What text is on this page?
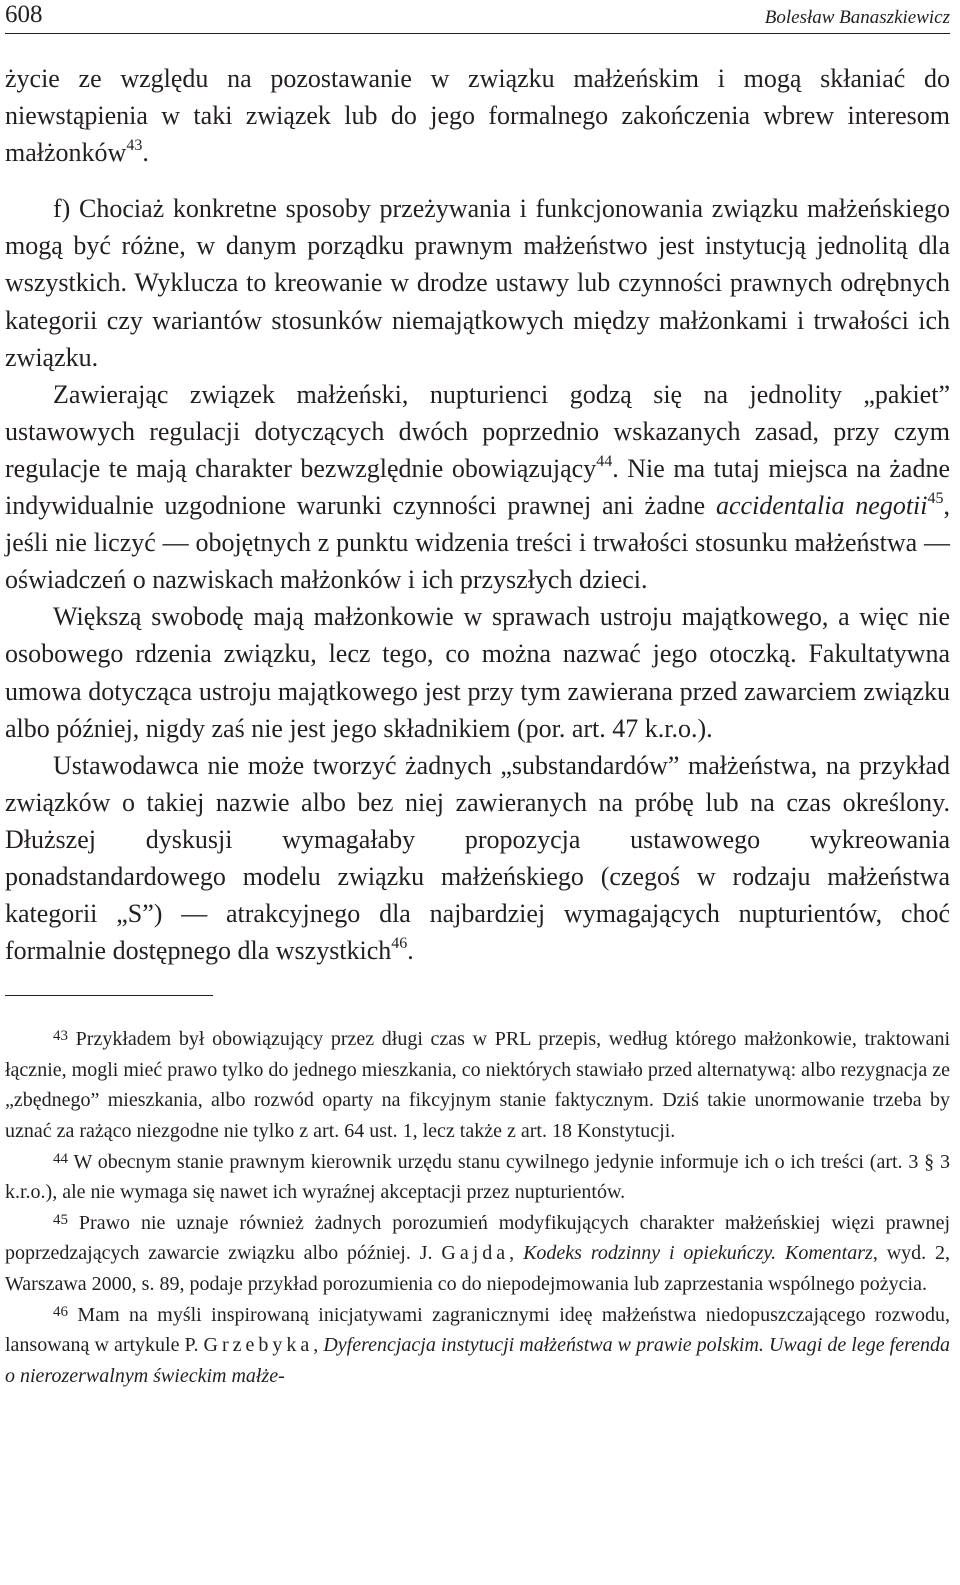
608	Bolesław Banaszkiewicz

życie ze względu na pozostawanie w związku małżeńskim i mogą skłaniać do niewstąpienia w taki związek lub do jego formalnego zakończenia wbrew interesom małżonków$^{43}$.

f) Chociaż konkretne sposoby przeżywania i funkcjonowania związku małżeńskiego mogą być różne, w danym porządku prawnym małżeństwo jest instytucją jednolitą dla wszystkich. Wyklucza to kreowanie w drodze ustawy lub czynności prawnych odrębnych kategorii czy wariantów stosunków niemajątkowych między małżonkami i trwałości ich związku.

Zawierając związek małżeński, nupturienci godzą się na jednolity „pakiet” ustawowych regulacji dotyczących dwóch poprzednio wskazanych zasad, przy czym regulacje te mają charakter bezwzględnie obowiązujący$^{44}$. Nie ma tutaj miejsca na żadne indywidualnie uzgodnione warunki czynności prawnej ani żadne accidentalia negotii$^{45}$, jeśli nie liczyć — obojętnych z punktu widzenia treści i trwałości stosunku małżeństwa — oświadczeń o nazwiskach małżonków i ich przyszłych dzieci.

Większą swobodę mają małżonkowie w sprawach ustroju majątkowego, a więc nie osobowego rdzenia związku, lecz tego, co można nazwać jego otoczką. Fakultatywna umowa dotycząca ustroju majątkowego jest przy tym zawierana przed zawarciem związku albo później, nigdy zaś nie jest jego składnikiem (por. art. 47 k.r.o.).

Ustawodawca nie może tworzyć żadnych „substandardów” małżeństwa, na przykład związków o takiej nazwie albo bez niej zawieranych na próbę lub na czas określony. Dłuższej dyskusji wymagałaby propozycja ustawowego wykreowania ponadstandardowego modelu związku małżeńskiego (czegoś w rodzaju małżeństwa kategorii „S”) — atrakcyjnego dla najbardziej wymagających nupturientów, choć formalnie dostępnego dla wszystkich$^{46}$.

$^{43}$ Przykładem był obowiązujący przez długi czas w PRL przepis, według którego małżonkowie, traktowani łącznie, mogli mieć prawo tylko do jednego mieszkania, co niektórych stawiało przed alternatywą: albo rezygnacja ze „zbędnego” mieszkania, albo rozwód oparty na fikcyjnym stanie faktycznym. Dziś takie unormowanie trzeba by uznać za rażąco niezgodne nie tylko z art. 64 ust. 1, lecz także z art. 18 Konstytucji.

$^{44}$ W obecnym stanie prawnym kierownik urzędu stanu cywilnego jedynie informuje ich o ich treści (art. 3 § 3 k.r.o.), ale nie wymaga się nawet ich wyraźnej akceptacji przez nupturientów.

$^{45}$ Prawo nie uznaje również żadnych porozumień modyfikujących charakter małżeńskiej więzi prawnej poprzedzających zawarcie związku albo później. J. Gajda, Kodeks rodzinny i opiekuńczy. Komentarz, wyd. 2, Warszawa 2000, s. 89, podaje przykład porozumienia co do niepodejmowania lub zaprzestania wspólnego pożycia.

$^{46}$ Mam na myśli inspirowaną inicjatywami zagranicznymi ideę małżeństwa niedopuszczającego rozwodu, lansowaną w artykule P. Grzebyka, Dyferencjacja instytucji małżeństwa w prawie polskim. Uwagi de lege ferenda o nierozerwalnym świeckim małże-
